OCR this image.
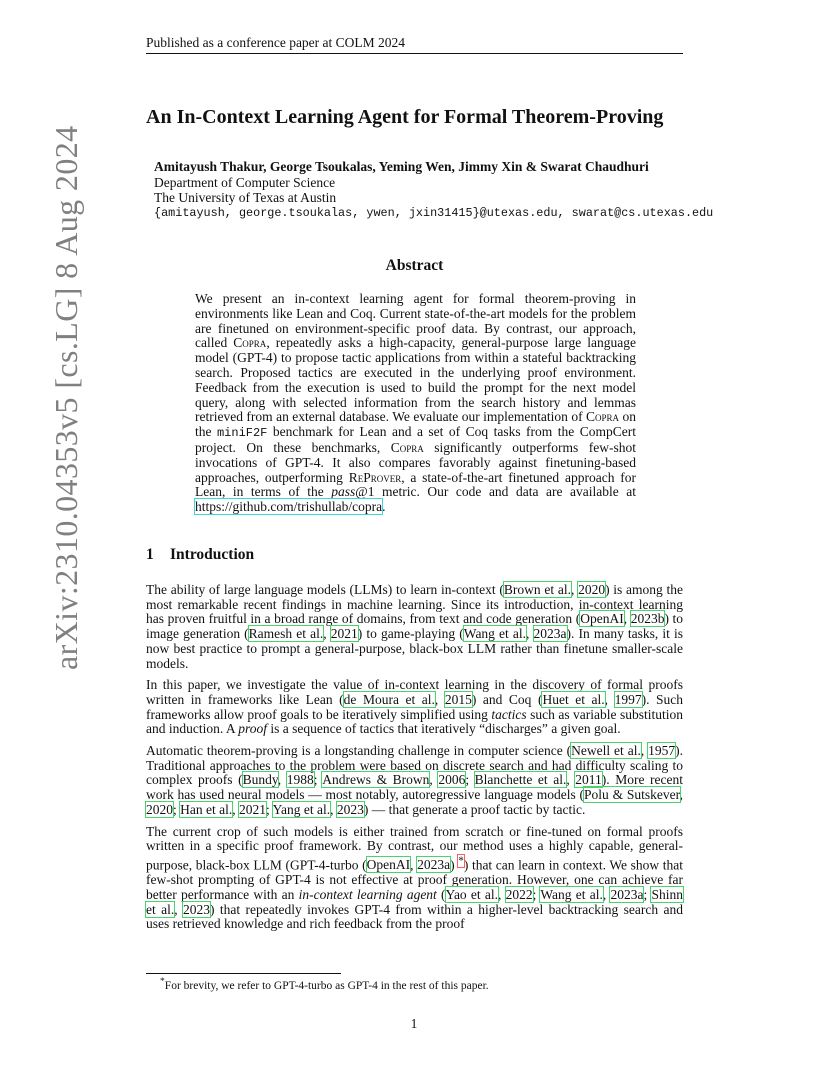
arXiv:2310.04353v5 [cs.LG] 8 Aug 2024
Published as a conference paper at COLM 2024
An In-Context Learning Agent for Formal Theorem-Proving
Amitayush Thakur, George Tsoukalas, Yeming Wen, Jimmy Xin & Swarat Chaudhuri
Department of Computer Science
The University of Texas at Austin
{amitayush, george.tsoukalas, ywen, jxin31415}@utexas.edu, swarat@cs.utexas.edu
Abstract
We present an in-context learning agent for formal theorem-proving in environments like Lean and Coq. Current state-of-the-art models for the problem are finetuned on environment-specific proof data. By contrast, our approach, called Copra, repeatedly asks a high-capacity, general-purpose large language model (GPT-4) to propose tactic applications from within a stateful backtracking search. Proposed tactics are executed in the underlying proof environment. Feedback from the execution is used to build the prompt for the next model query, along with selected information from the search history and lemmas retrieved from an external database. We evaluate our implementation of Copra on the miniF2F benchmark for Lean and a set of Coq tasks from the CompCert project. On these benchmarks, Copra significantly outperforms few-shot invocations of GPT-4. It also compares favorably against finetuning-based approaches, outperforming ReProver, a state-of-the-art finetuned approach for Lean, in terms of the pass@1 metric. Our code and data are available at https://github.com/trishullab/copra.
1 Introduction

The ability of large language models (LLMs) to learn in-context (Brown et al., 2020) is among the most remarkable recent findings in machine learning. Since its introduction, in-context learning has proven fruitful in a broad range of domains, from text and code generation (OpenAI, 2023b) to image generation (Ramesh et al., 2021) to game-playing (Wang et al., 2023a). In many tasks, it is now best practice to prompt a general-purpose, black-box LLM rather than finetune smaller-scale models.

In this paper, we investigate the value of in-context learning in the discovery of formal proofs written in frameworks like Lean (de Moura et al., 2015) and Coq (Huet et al., 1997). Such frameworks allow proof goals to be iteratively simplified using tactics such as variable substitution and induction. A proof is a sequence of tactics that iteratively “discharges” a given goal.

Automatic theorem-proving is a longstanding challenge in computer science (Newell et al., 1957). Traditional approaches to the problem were based on discrete search and had difficulty scaling to complex proofs (Bundy, 1988; Andrews & Brown, 2006; Blanchette et al., 2011). More recent work has used neural models — most notably, autoregressive language models (Polu & Sutskever, 2020; Han et al., 2021; Yang et al., 2023) — that generate a proof tactic by tactic.

The current crop of such models is either trained from scratch or fine-tuned on formal proofs written in a specific proof framework. By contrast, our method uses a highly capable, general-purpose, black-box LLM (GPT-4-turbo (OpenAI, 2023a) *) that can learn in context. We show that few-shot prompting of GPT-4 is not effective at proof generation. However, one can achieve far better performance with an in-context learning agent (Yao et al., 2022; Wang et al., 2023a; Shinn et al., 2023) that repeatedly invokes GPT-4 from within a higher-level backtracking search and uses retrieved knowledge and rich feedback from the proof

*For brevity, we refer to GPT-4-turbo as GPT-4 in the rest of this paper.
1
